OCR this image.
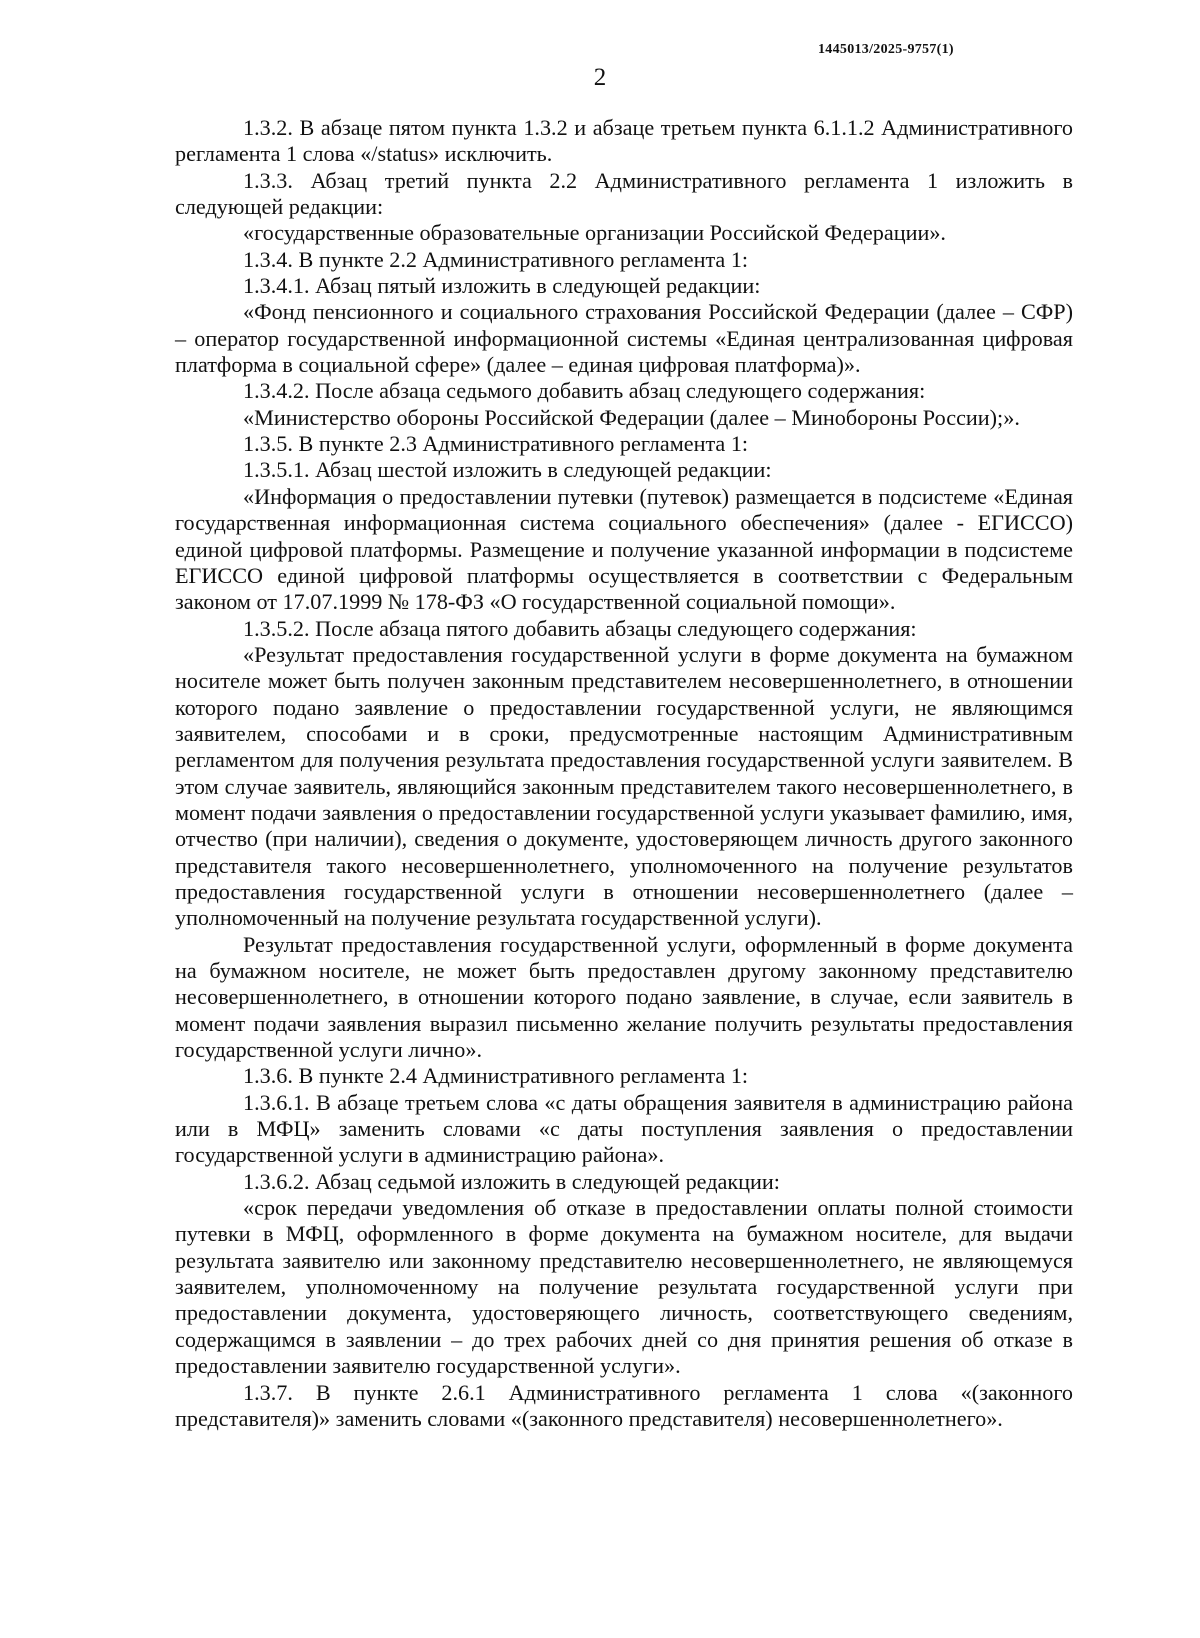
1445013/2025-9757(1)
2

1.3.2. В абзаце пятом пункта 1.3.2 и абзаце третьем пункта 6.1.1.2 Административного регламента 1 слова «/status» исключить.

1.3.3. Абзац третий пункта 2.2 Административного регламента 1 изложить в следующей редакции:

«государственные образовательные организации Российской Федерации».

1.3.4. В пункте 2.2 Административного регламента 1:

1.3.4.1. Абзац пятый изложить в следующей редакции:

«Фонд пенсионного и социального страхования Российской Федерации (далее – СФР) – оператор государственной информационной системы «Единая централизованная цифровая платформа в социальной сфере» (далее – единая цифровая платформа)».

1.3.4.2. После абзаца седьмого добавить абзац следующего содержания:

«Министерство обороны Российской Федерации (далее – Минобороны России);».

1.3.5. В пункте 2.3 Административного регламента 1:

1.3.5.1. Абзац шестой изложить в следующей редакции:

«Информация о предоставлении путевки (путевок) размещается в подсистеме «Единая государственная информационная система социального обеспечения» (далее - ЕГИССО) единой цифровой платформы. Размещение и получение указанной информации в подсистеме ЕГИССО единой цифровой платформы осуществляется в соответствии с Федеральным законом от 17.07.1999 № 178-ФЗ «О государственной социальной помощи».

1.3.5.2. После абзаца пятого добавить абзацы следующего содержания:

«Результат предоставления государственной услуги в форме документа на бумажном носителе может быть получен законным представителем несовершеннолетнего, в отношении которого подано заявление о предоставлении государственной услуги, не являющимся заявителем, способами и в сроки, предусмотренные настоящим Административным регламентом для получения результата предоставления государственной услуги заявителем. В этом случае заявитель, являющийся законным представителем такого несовершеннолетнего, в момент подачи заявления о предоставлении государственной услуги указывает фамилию, имя, отчество (при наличии), сведения о документе, удостоверяющем личность другого законного представителя такого несовершеннолетнего, уполномоченного на получение результатов предоставления государственной услуги в отношении несовершеннолетнего (далее – уполномоченный на получение результата государственной услуги).

Результат предоставления государственной услуги, оформленный в форме документа на бумажном носителе, не может быть предоставлен другому законному представителю несовершеннолетнего, в отношении которого подано заявление, в случае, если заявитель в момент подачи заявления выразил письменно желание получить результаты предоставления государственной услуги лично».

1.3.6. В пункте 2.4 Административного регламента 1:

1.3.6.1. В абзаце третьем слова «с даты обращения заявителя в администрацию района или в МФЦ» заменить словами «с даты поступления заявления о предоставлении государственной услуги в администрацию района».

1.3.6.2. Абзац седьмой изложить в следующей редакции:

«срок передачи уведомления об отказе в предоставлении оплаты полной стоимости путевки в МФЦ, оформленного в форме документа на бумажном носителе, для выдачи результата заявителю или законному представителю несовершеннолетнего, не являющемуся заявителем, уполномоченному на получение результата государственной услуги при предоставлении документа, удостоверяющего личность, соответствующего сведениям, содержащимся в заявлении – до трех рабочих дней со дня принятия решения об отказе в предоставлении заявителю государственной услуги».

1.3.7. В пункте 2.6.1 Административного регламента 1 слова «(законного представителя)» заменить словами «(законного представителя) несовершеннолетнего».
